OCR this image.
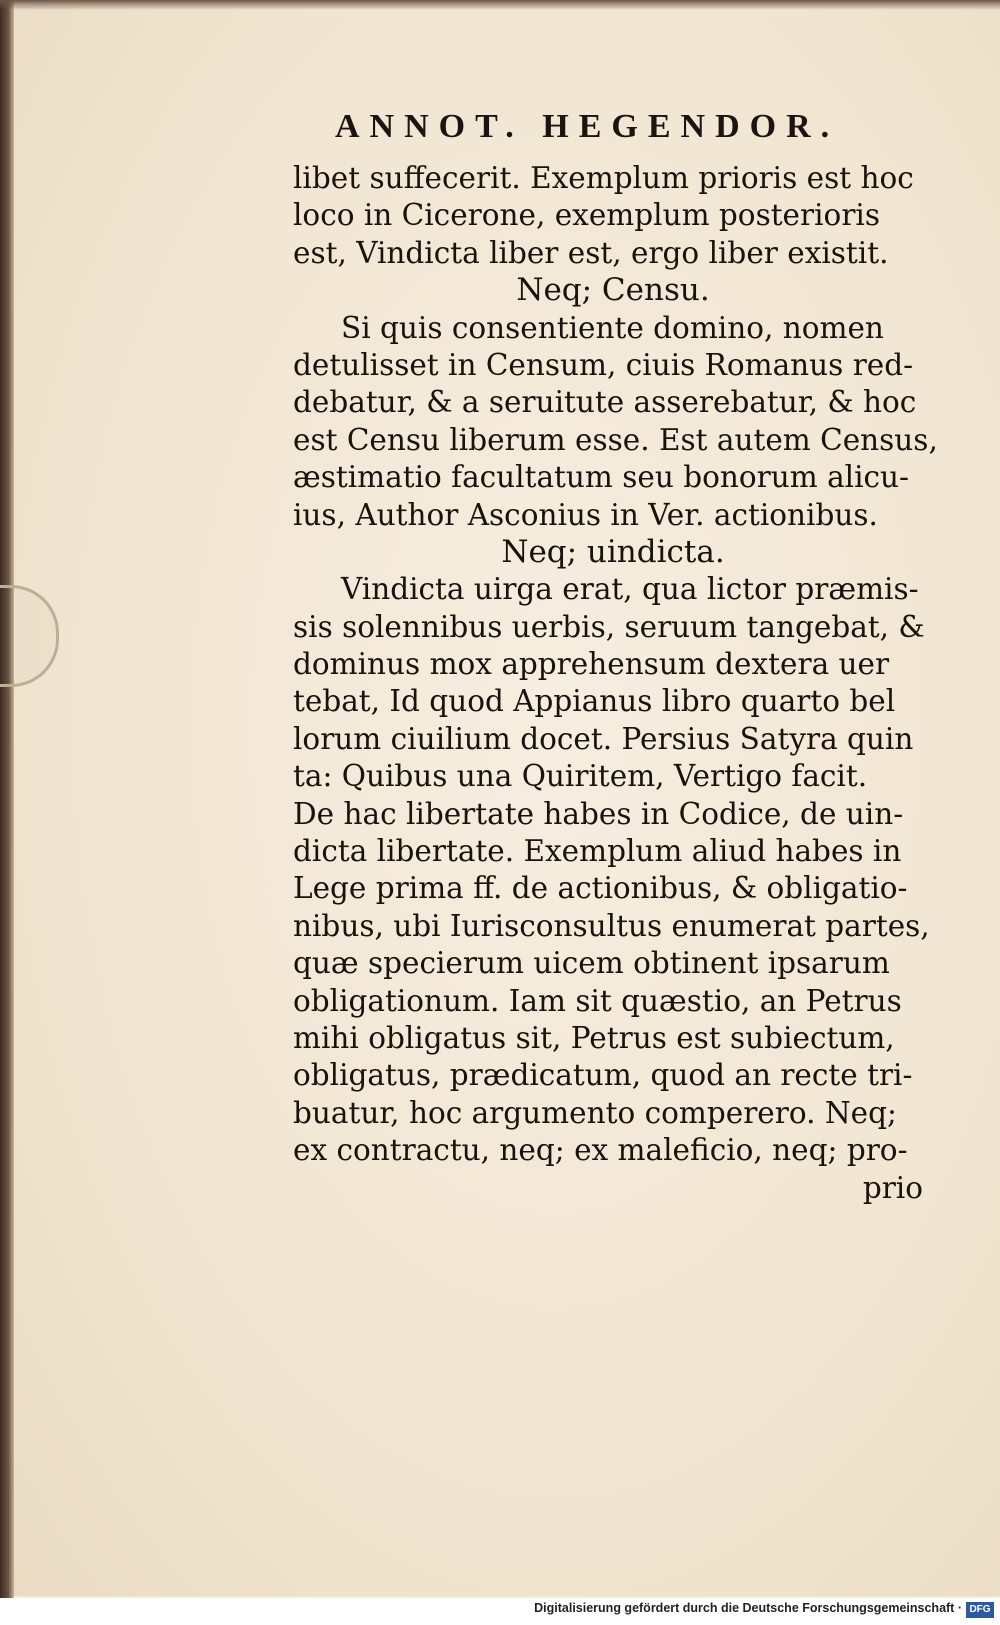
ANNOT. HEGENDOR.
libet suffecerit. Exemplum prioris est hoc
loco in Cicerone, exemplum posterioris
est, Vindicta liber est, ergo liber existit.
Neq; Censu.
Si quis consentiente domino, nomen
detulisset in Censum, ciuis Romanus red-
debatur, & a seruitute asserebatur, & hoc
est Censu liberum esse. Est autem Census,
æstimatio facultatum seu bonorum alicu-
ius, Author Asconius in Ver. actionibus.
Neq; uindicta.
Vindicta uirga erat, qua lictor præmis-
sis solennibus uerbis, seruum tangebat, &
dominus mox apprehensum dextera uer
tebat, Id quod Appianus libro quarto bel
lorum ciuilium docet. Persius Satyra quin
ta: Quibus una Quiritem, Vertigo facit.
De hac libertate habes in Codice, de uin-
dicta libertate. Exemplum aliud habes in
Lege prima ff. de actionibus, & obligatio-
nibus, ubi Iurisconsultus enumerat partes,
quæ specierum uicem obtinent ipsarum
obligationum. Iam sit quæstio, an Petrus
mihi obligatus sit, Petrus est subiectum,
obligatus, prædicatum, quod an recte tri-
buatur, hoc argumento comperero. Neq;
ex contractu, neq; ex maleficio, neq; pro-
prio
Digitalisierung gefördert durch die Deutsche Forschungsgemeinschaft · DFG
